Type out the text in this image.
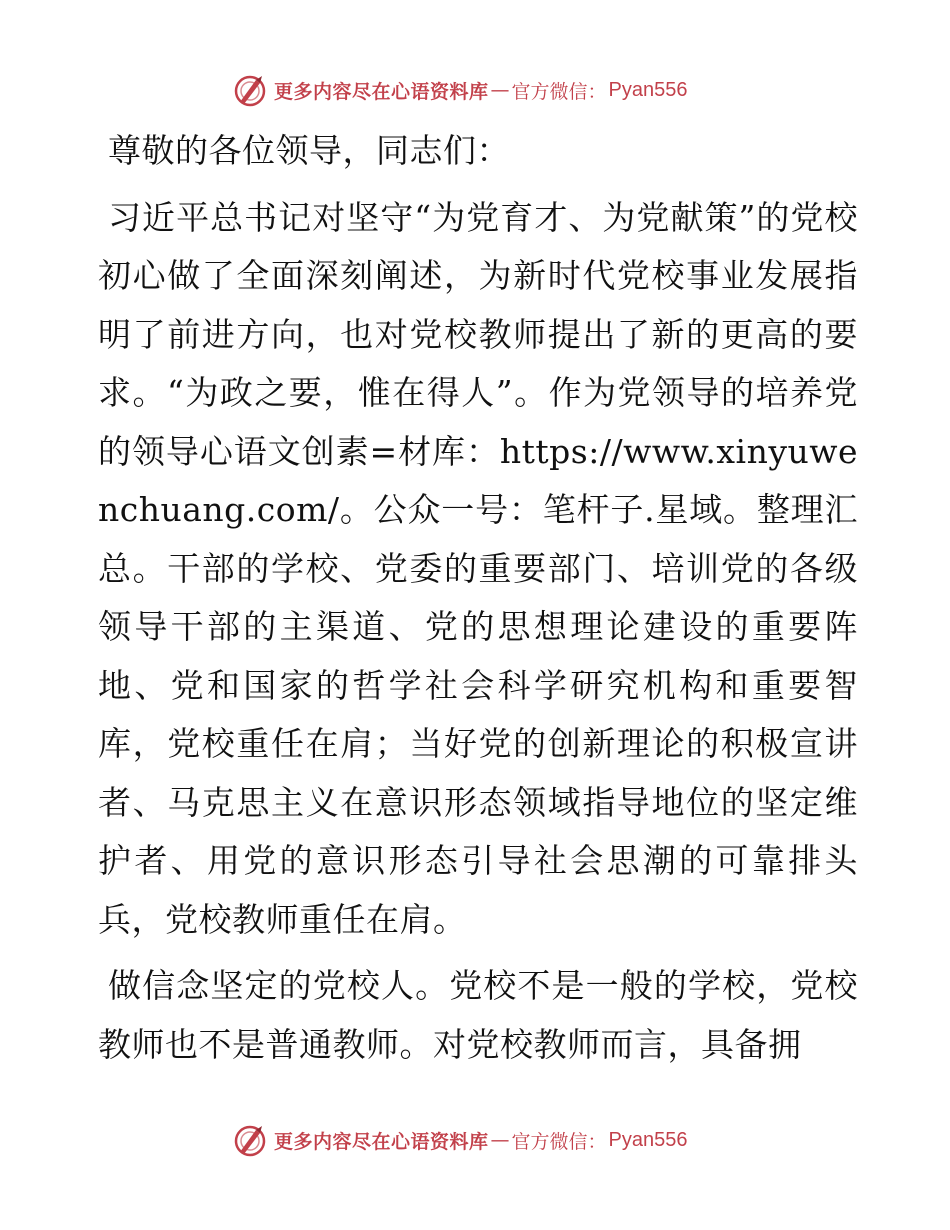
更多内容尽在心语资料库 — 官方微信： Pyan556

尊敬的各位领导，同志们：

习近平总书记对坚守“为党育才、为党献策”的党校初心做了全面深刻阐述，为新时代党校事业发展指明了前进方向，也对党校教师提出了新的更高的要求。“为政之要，惟在得人”。作为党领导的培养党的领导心语文创素=材库：https://www.xinyuwenchuang.com/。公众一号：笔杆子.星域。整理汇总。干部的学校、党委的重要部门、培训党的各级领导干部的主渠道、党的思想理论建设的重要阵地、党和国家的哲学社会科学研究机构和重要智库，党校重任在肩；当好党的创新理论的积极宣讲者、马克思主义在意识形态领域指导地位的坚定维护者、用党的意识形态引导社会思潮的可靠排头兵，党校教师重任在肩。

做信念坚定的党校人。党校不是一般的学校，党校教师也不是普通教师。对党校教师而言，具备拥

更多内容尽在心语资料库 — 官方微信： Pyan556
